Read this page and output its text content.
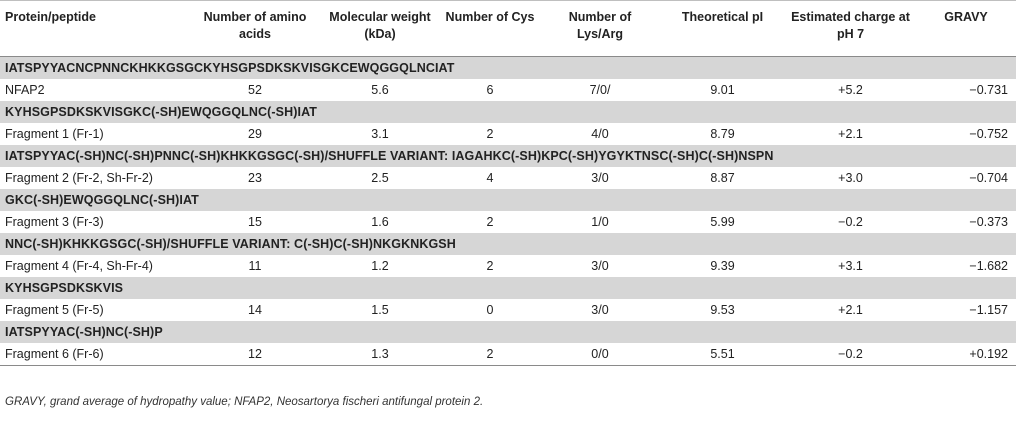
Protein/peptide	Number of amino acids	Molecular weight (kDa)	Number of Cys	Number of Lys/Arg	Theoretical pI	Estimated charge at pH 7	GRAVY
IATSPYYACNCPNNCKHKKGSGCKYHSGPSDKSKVISGKCEWQGGQLNCIAT							
NFAP2	52	5.6	6	7/0/	9.01	+5.2	−0.731
KYHSGPSDKSKVISGKC(-SH)EWQGGQLNC(-SH)IAT							
Fragment 1 (Fr-1)	29	3.1	2	4/0	8.79	+2.1	−0.752
IATSPYYAC(-SH)NC(-SH)PNNC(-SH)KHKKGSGC(-SH)/SHUFFLE VARIANT: IAGAHKC(-SH)KPC(-SH)YGYKTNSC(-SH)C(-SH)NSPN							
Fragment 2 (Fr-2, Sh-Fr-2)	23	2.5	4	3/0	8.87	+3.0	−0.704
GKC(-SH)EWQGGQLNC(-SH)IAT							
Fragment 3 (Fr-3)	15	1.6	2	1/0	5.99	−0.2	−0.373
NNC(-SH)KHKKGSGC(-SH)/SHUFFLE VARIANT: C(-SH)C(-SH)NKGKNKGSH							
Fragment 4 (Fr-4, Sh-Fr-4)	11	1.2	2	3/0	9.39	+3.1	−1.682
KYHSGPSDKSKVIS							
Fragment 5 (Fr-5)	14	1.5	0	3/0	9.53	+2.1	−1.157
IATSPYYAC(-SH)NC(-SH)P							
Fragment 6 (Fr-6)	12	1.3	2	0/0	5.51	−0.2	+0.192
GRAVY, grand average of hydropathy value; NFAP2, Neosartorya fischeri antifungal protein 2.
